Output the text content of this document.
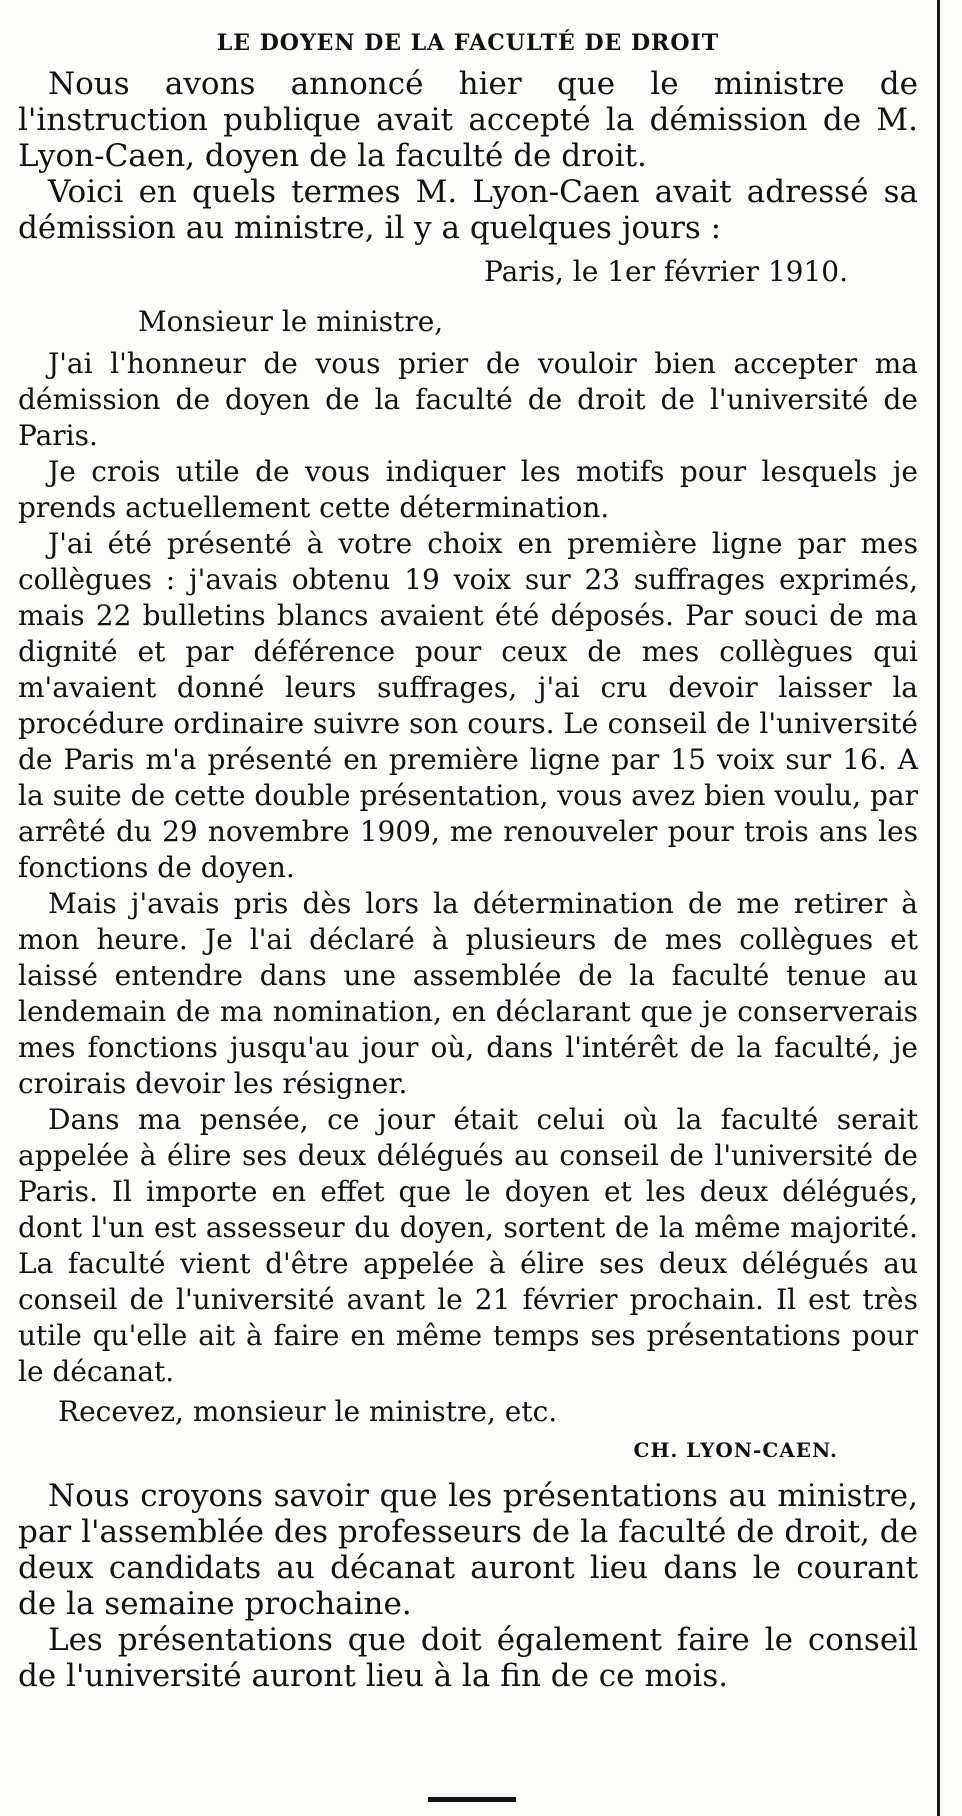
LE DOYEN DE LA FACULTÉ DE DROIT

Nous avons annoncé hier que le ministre de l'instruction publique avait accepté la démission de M. Lyon-Caen, doyen de la faculté de droit.

Voici en quels termes M. Lyon-Caen avait adressé sa démission au ministre, il y a quelques jours :

Paris, le 1er février 1910.
Monsieur le ministre,

J'ai l'honneur de vous prier de vouloir bien accepter ma démission de doyen de la faculté de droit de l'université de Paris.

Je crois utile de vous indiquer les motifs pour lesquels je prends actuellement cette détermination.

J'ai été présenté à votre choix en première ligne par mes collègues : j'avais obtenu 19 voix sur 23 suffrages exprimés, mais 22 bulletins blancs avaient été déposés. Par souci de ma dignité et par déférence pour ceux de mes collègues qui m'avaient donné leurs suffrages, j'ai cru devoir laisser la procédure ordinaire suivre son cours. Le conseil de l'université de Paris m'a présenté en première ligne par 15 voix sur 16. A la suite de cette double présentation, vous avez bien voulu, par arrêté du 29 novembre 1909, me renouveler pour trois ans les fonctions de doyen.

Mais j'avais pris dès lors la détermination de me retirer à mon heure. Je l'ai déclaré à plusieurs de mes collègues et laissé entendre dans une assemblée de la faculté tenue au lendemain de ma nomination, en déclarant que je conserverais mes fonctions jusqu'au jour où, dans l'intérêt de la faculté, je croirais devoir les résigner.

Dans ma pensée, ce jour était celui où la faculté serait appelée à élire ses deux délégués au conseil de l'université de Paris. Il importe en effet que le doyen et les deux délégués, dont l'un est assesseur du doyen, sortent de la même majorité. La faculté vient d'être appelée à élire ses deux délégués au conseil de l'université avant le 21 février prochain. Il est très utile qu'elle ait à faire en même temps ses présentations pour le décanat.

Recevez, monsieur le ministre, etc.
CH. LYON-CAEN.

Nous croyons savoir que les présentations au ministre, par l'assemblée des professeurs de la faculté de droit, de deux candidats au décanat auront lieu dans le courant de la semaine prochaine.

Les présentations que doit également faire le conseil de l'université auront lieu à la fin de ce mois.
